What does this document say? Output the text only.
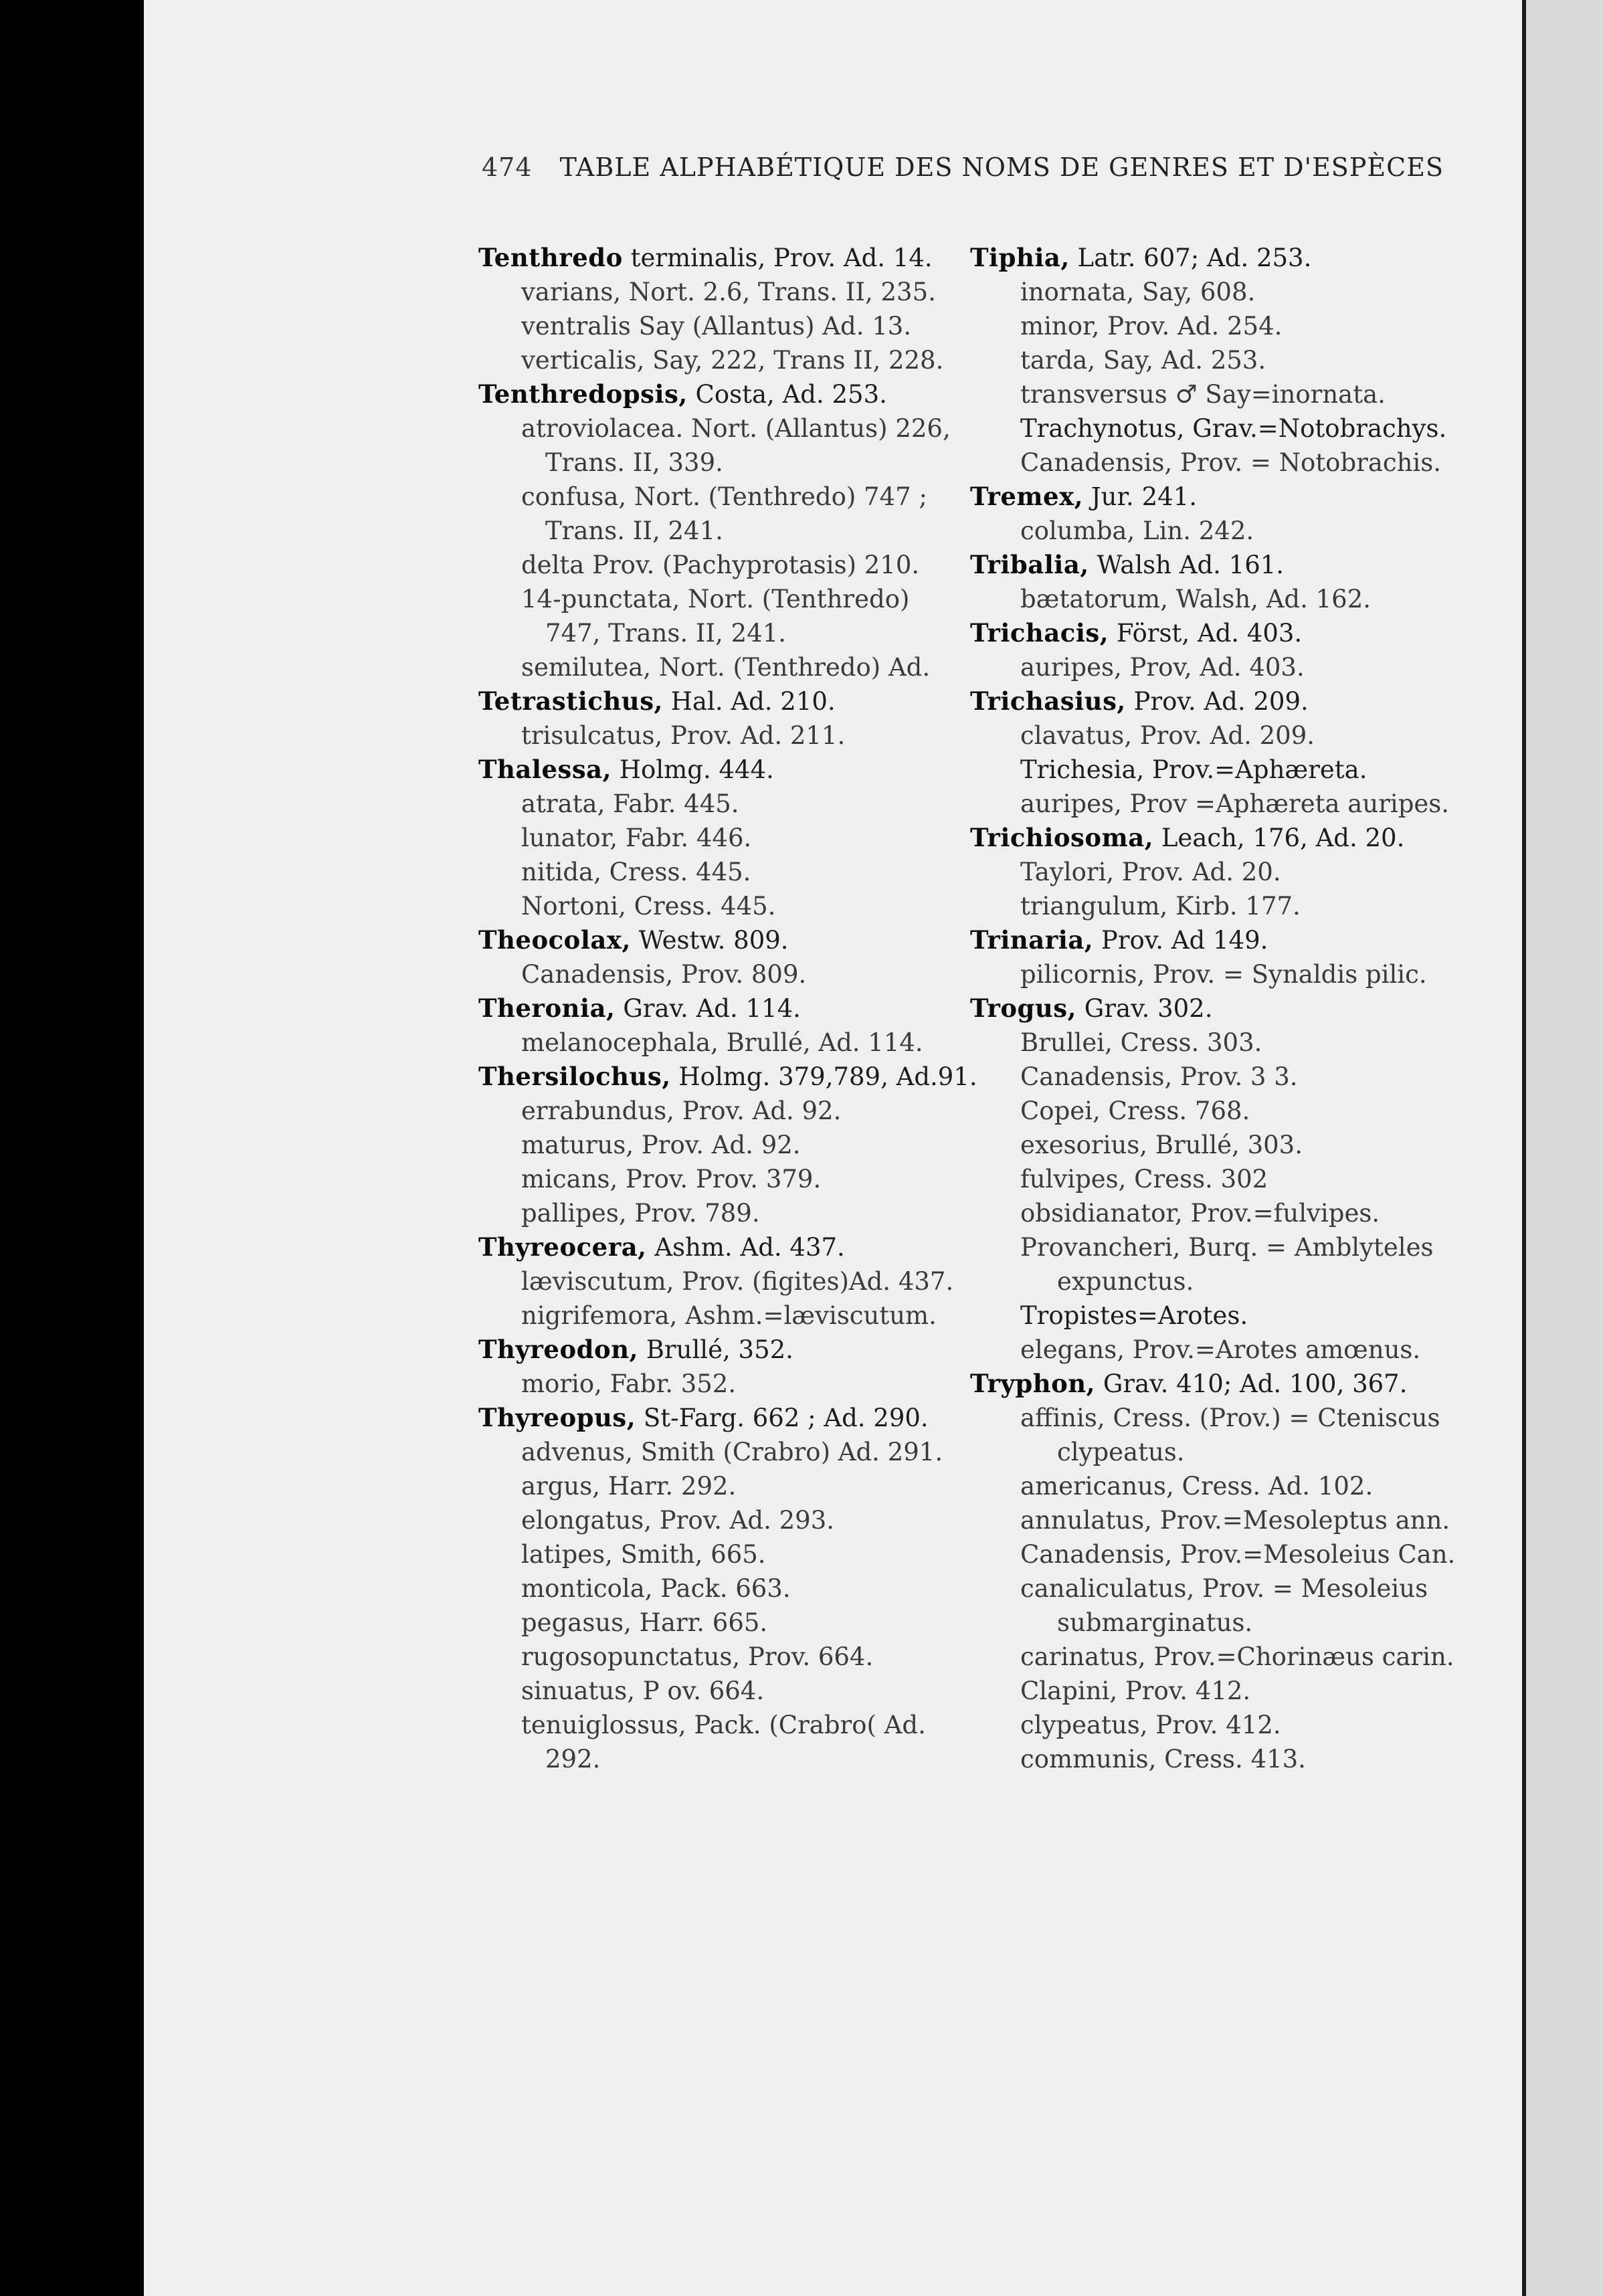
474 TABLE ALPHABÉTIQUE DES NOMS DE GENRES ET D'ESPÈCES
Tenthredo terminalis, Prov. Ad. 14.
varians, Nort. 2.6, Trans. II, 235.
ventralis Say (Allantus) Ad. 13.
verticalis, Say, 222, Trans II, 228.
Tenthredopsis, Costa, Ad. 253.
atroviolacea. Nort. (Allantus) 226,
Trans. II, 339.
confusa, Nort. (Tenthredo) 747 ;
Trans. II, 241.
delta Prov. (Pachyprotasis) 210.
14-punctata, Nort. (Tenthredo)
747, Trans. II, 241.
semilutea, Nort. (Tenthredo) Ad.
Tetrastichus, Hal. Ad. 210.
trisulcatus, Prov. Ad. 211.
Thalessa, Holmg. 444.
atrata, Fabr. 445.
lunator, Fabr. 446.
nitida, Cress. 445.
Nortoni, Cress. 445.
Theocolax, Westw. 809.
Canadensis, Prov. 809.
Theronia, Grav. Ad. 114.
melanocephala, Brullé, Ad. 114.
Thersilochus, Holmg. 379,789, Ad.91.
errabundus, Prov. Ad. 92.
maturus, Prov. Ad. 92.
micans, Prov. Prov. 379.
pallipes, Prov. 789.
Thyreocera, Ashm. Ad. 437.
læviscutum, Prov. (figites)Ad. 437.
nigrifemora, Ashm.=læviscutum.
Thyreodon, Brullé, 352.
morio, Fabr. 352.
Thyreopus, St-Farg. 662 ; Ad. 290.
advenus, Smith (Crabro) Ad. 291.
argus, Harr. 292.
elongatus, Prov. Ad. 293.
latipes, Smith, 665.
monticola, Pack. 663.
pegasus, Harr. 665.
rugosopunctatus, Prov. 664.
sinuatus, P ov. 664.
tenuiglossus, Pack. (Crabro( Ad.
292.
Tiphia, Latr. 607; Ad. 253.
inornata, Say, 608.
minor, Prov. Ad. 254.
tarda, Say, Ad. 253.
transversus ♂ Say=inornata.
Trachynotus, Grav.=Notobrachys.
Canadensis, Prov. = Notobrachis.
Tremex, Jur. 241.
columba, Lin. 242.
Tribalia, Walsh Ad. 161.
bætatorum, Walsh, Ad. 162.
Trichacis, Först, Ad. 403.
auripes, Prov, Ad. 403.
Trichasius, Prov. Ad. 209.
clavatus, Prov. Ad. 209.
Trichesia, Prov.=Aphæreta.
auripes, Prov =Aphæreta auripes.
Trichiosoma, Leach, 176, Ad. 20.
Taylori, Prov. Ad. 20.
triangulum, Kirb. 177.
Trinaria, Prov. Ad 149.
pilicornis, Prov. = Synaldis pilic.
Trogus, Grav. 302.
Brullei, Cress. 303.
Canadensis, Prov. 3 3.
Copei, Cress. 768.
exesorius, Brullé, 303.
fulvipes, Cress. 302
obsidianator, Prov.=fulvipes.
Provancheri, Burq. = Amblyteles
expunctus.
Tropistes=Arotes.
elegans, Prov.=Arotes amœnus.
Tryphon, Grav. 410; Ad. 100, 367.
affinis, Cress. (Prov.) = Cteniscus
clypeatus.
americanus, Cress. Ad. 102.
annulatus, Prov.=Mesoleptus ann.
Canadensis, Prov.=Mesoleius Can.
canaliculatus, Prov. = Mesoleius
submarginatus.
carinatus, Prov.=Chorinæus carin.
Clapini, Prov. 412.
clypeatus, Prov. 412.
communis, Cress. 413.
